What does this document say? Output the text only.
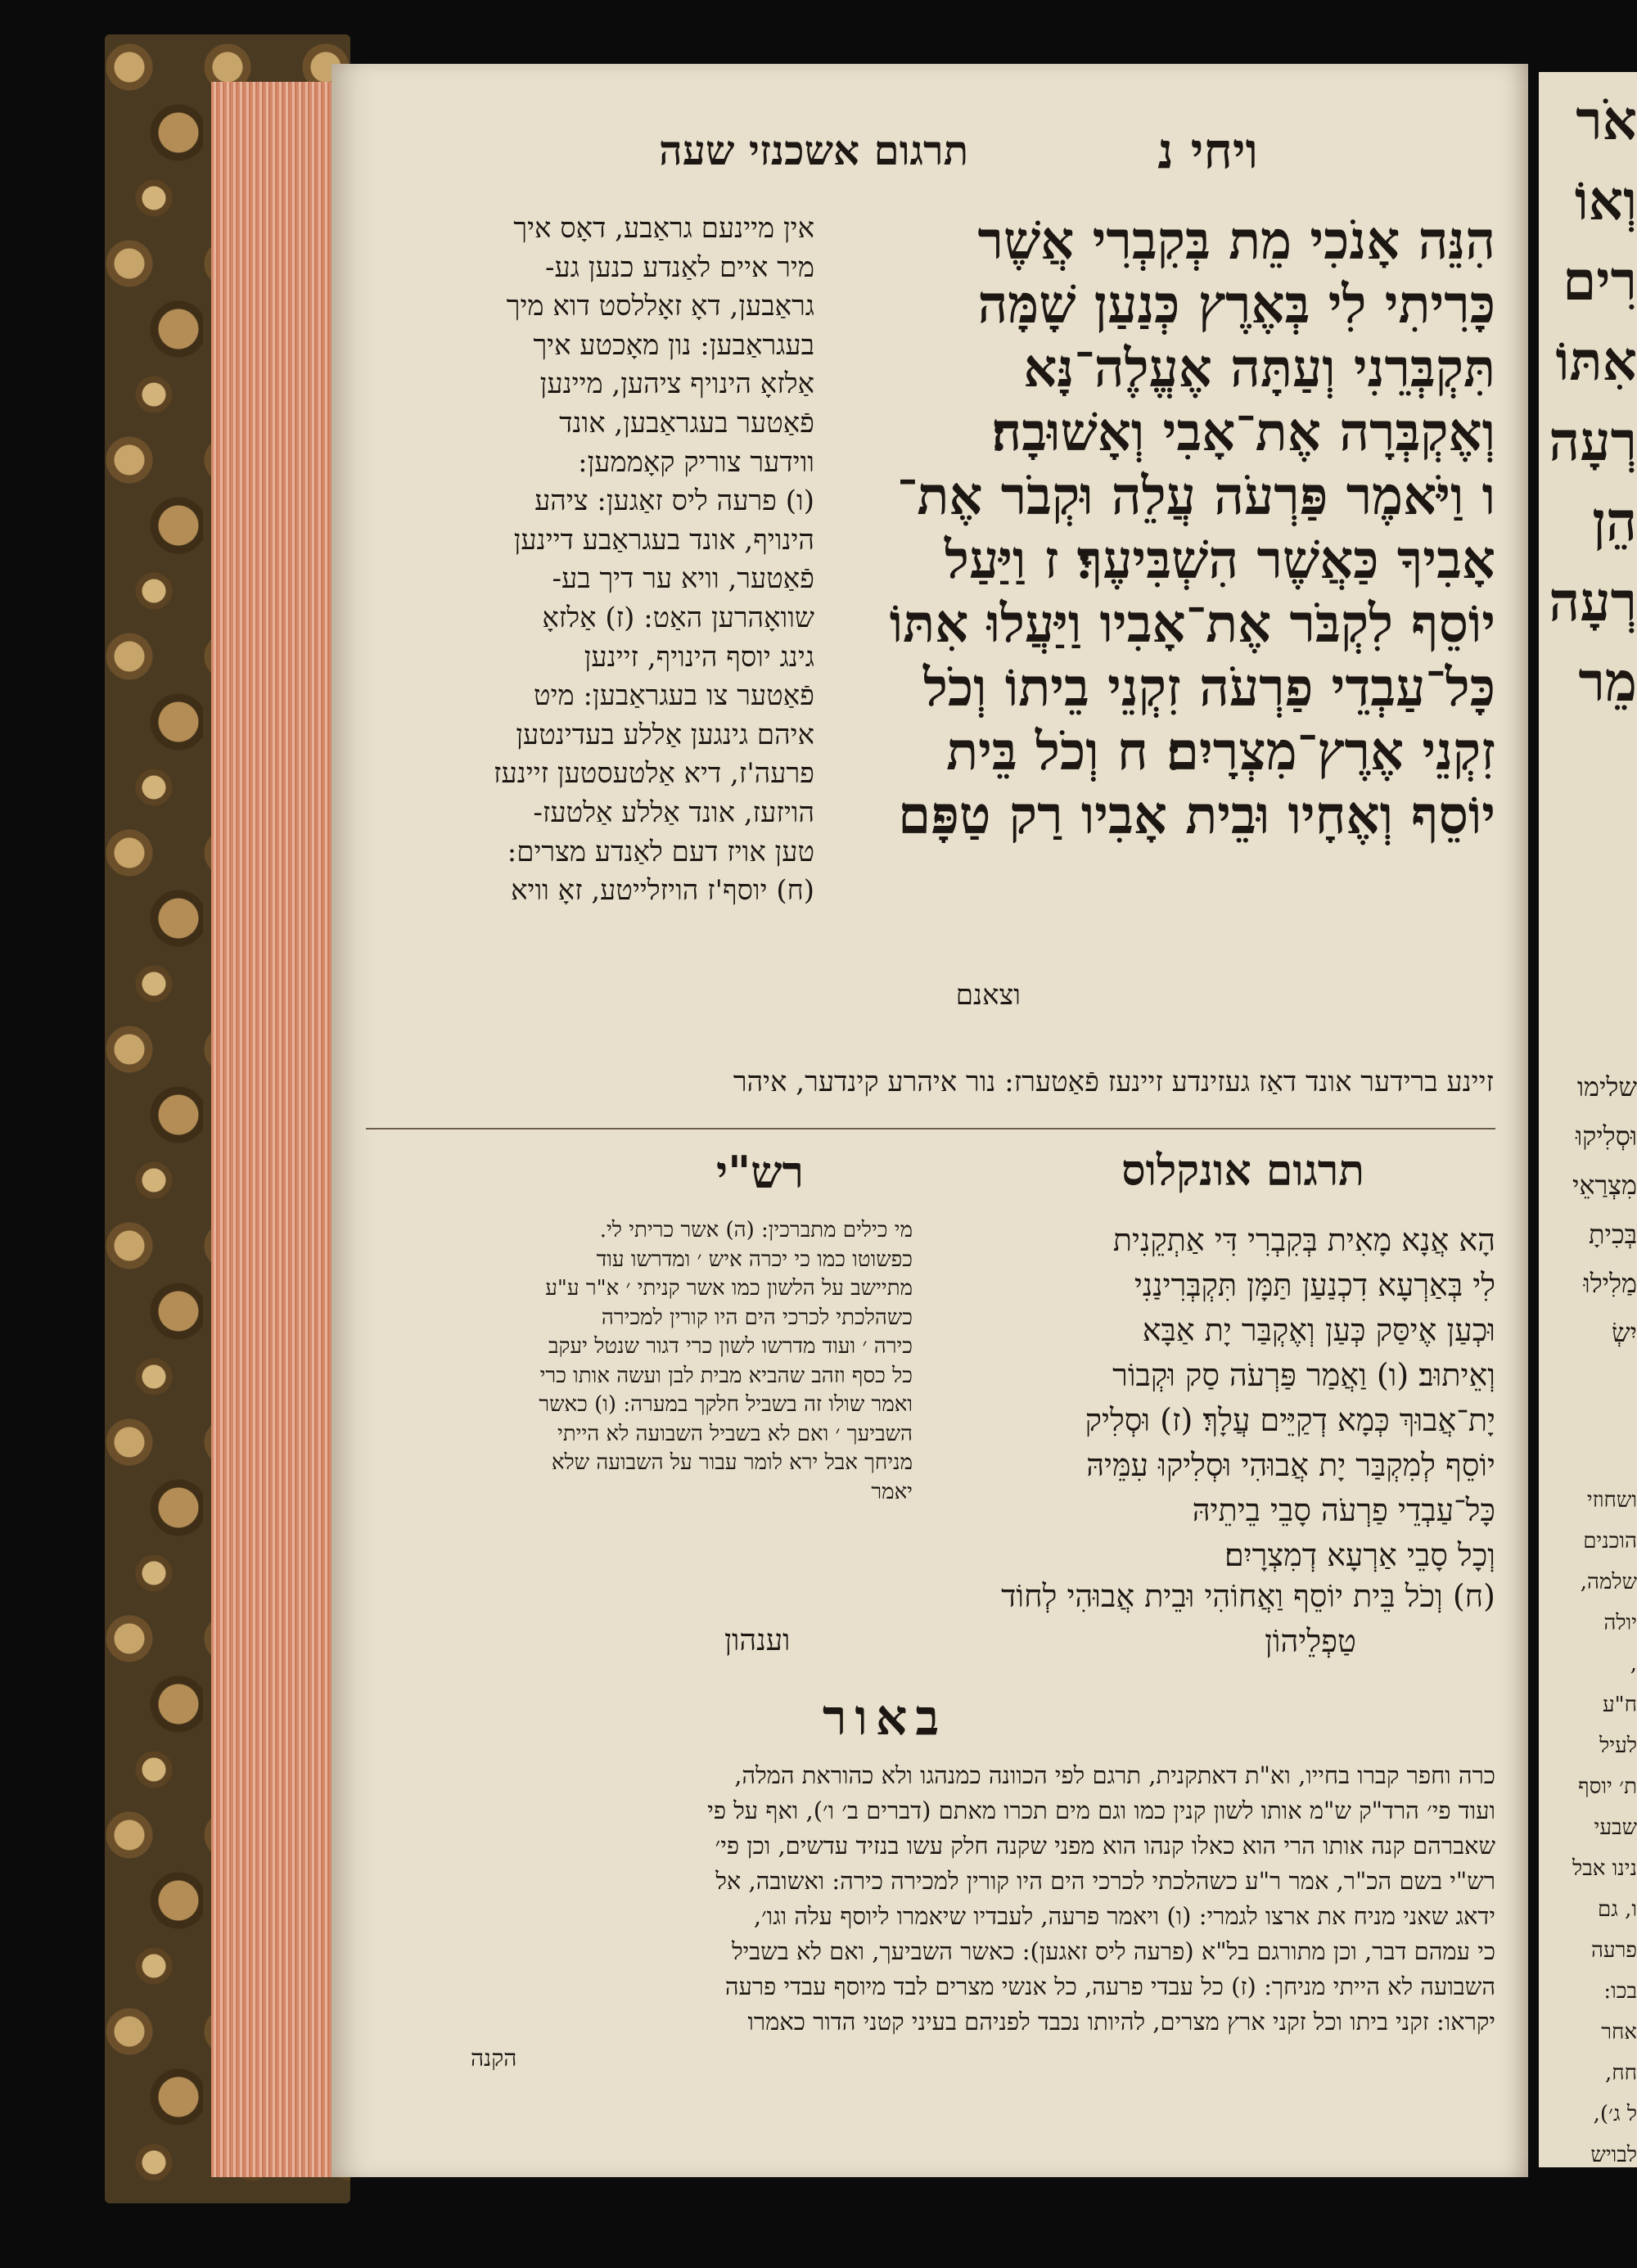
אֹר
וְאוֹ
רִים
אִתּוֹ
רְעָה
הֵן
רְעָה
מֵר
שלימו
וּסְלִיקוּ
מִצְרַאֵי
בְּכִיתָ
מַלִילוּ
יִשְׂ
ושחוזי
הוכנים
שלמה,
יולה
,
ח"ע
לעיל
ת׳ יוסף
שבעי
נינו אבל
ו, גם
פרעה
בכו:
אחר
חח,
ל ג׳),
לבויש
ויחי נ
תרגום אשכנזי שעה
הִנֵּה אָנֹכִי מֵת בְּקִבְרִי אֲשֶׁר
כָּרִיתִי לִי בְּאֶרֶץ כְּנַעַן שָׁמָּה
תִּקְבְּרֵנִי וְעַתָּה אֶעֱלֶה־נָּא
וְאֶקְבְּרָה אֶת־אָבִי וְאָשׁוּבָה׃
ו וַיֹּאמֶר פַּרְעֹה עֲלֵה וּקְבֹר אֶת־
אָבִיךָ כַּאֲשֶׁר הִשְׁבִּיעֶךָ׃ ז וַיַּעַל
יוֹסֵף לִקְבֹּר אֶת־אָבִיו וַיַּעֲלוּ אִתּוֹ
כָּל־עַבְדֵי פַרְעֹה זִקְנֵי בֵיתוֹ וְכֹל
זִקְנֵי אֶרֶץ־מִצְרָיִם׃ ח וְכֹל בֵּית
יוֹסֵף וְאֶחָיו וּבֵית אָבִיו רַק טַפָּם
וצאנם
אין מיינעם גראַבע, דאָס איך
מיר איים לאַנדע כנען גע-
גראַבען, דאָ זאָללסט דוא מיך
בעגראַבען: נון מאָכטע איך
אַלזאָ הינויף ציהען, מיינען
פֿאַטער בעגראַבען, אונד
ווידער צוריק קאָממען:
(ו) פרעה ליס זאַגען: ציהע
הינויף, אונד בעגראַבע דיינען
פֿאַטער, וויא ער דיך בע-
שוואָהרען האַט: (ז) אַלזאָ
גינג יוסף הינויף, זיינען
פֿאַטער צו בעגראַבען: מיט
איהם גינגען אַללע בעדינטען
פרעה'ז, דיא אַלטעסטען זיינעז
הויזעז, אונד אַללע אַלטעז-
טען אויז דעם לאַנדע מצרים:
(ח) יוסף'ז הויזלייטע, זאָ וויא
זיינע ברידער אונד דאַז געזינדע זיינעז פֿאַטערז: נור איהרע קינדער, איהר
תרגום אונקלוס
רש"י
הָא אֲנָא מָאִית בְּקִבְרִי דִּי אַתְקֵנִית
לִי בְּאַרְעָא דִכְנַעַן תַּמָּן תִּקְבְּרִינַנִי
וּכְעַן אֶיסַּק כְּעַן וְאֶקְבַּר יָת אַבָּא
וְאֵיתוּב׃ (ו) וַאֲמַר פַּרְעֹה סַק וּקְבוֹר
יָת־אֲבוּךְ כְּמָא דְקַיֵּים עֲלָךְ׃ (ז) וּסְלִיק
יוֹסֵף לְמִקְבַּר יָת אֲבוּהִי וּסְלִיקוּ עִמֵּיהּ
כָּל־עַבְדֵי פַרְעֹה סָבֵי בֵיתֵיהּ
וְכָל סָבֵי אַרְעָא דְמִצְרָיִם׃
(ח) וְכֹל בֵּית יוֹסֵף וַאֲחוֹהִי וּבֵית אֲבוּהִי לְחוֹד
טַפְלֵיהוֹן
מי כילים מתברכין: (ה) אשר כריתי לי.
כפשוטו כמו כי יכרה איש ׳ ומדרשו עוד
מתיישב על הלשון כמו אשר קניתי ׳ א"ר ע"ע
כשהלכתי לכרכי הים היו קורין למכירה
כירה ׳ ועוד מדרשו לשון כרי דגור שנטל יעקב
כל כסף וזהב שהביא מבית לבן ועשה אותו כרי
ואמר שולו זה בשביל חלקך במערה: (ו) כאשר
השביעך ׳ ואם לא בשביל השבועה לא הייתי
מניחך אבל ירא לומר עבור על השבועה שלא
יאמר
וענהון
באור
כרה וחפר קברו בחייו, וא"ת דאתקנית, תרגם לפי הכוונה כמנהגו ולא כהוראת המלה,
ועוד פי׳ הרד"ק ש"מ אותו לשון קנין כמו וגם מים תכרו מאתם (דברים ב׳ ו׳), ואף על פי
שאברהם קנה אותו הרי הוא כאלו קנהו הוא מפני שקנה חלק עשו בנזיד עדשים, וכן פי׳
רש"י בשם הכ"ר, אמר ר"ע כשהלכתי לכרכי הים היו קורין למכירה כירה: ואשובה, אל
ידאג שאני מניח את ארצו לגמרי: (ו) ויאמר פרעה, לעבדיו שיאמרו ליוסף עלה וגו׳,
כי עמהם דבר, וכן מתורגם בל"א (פרעה ליס זאגען): כאשר השביעך, ואם לא בשביל
השבועה לא הייתי מניחך: (ז) כל עבדי פרעה, כל אנשי מצרים לבד מיוסף עבדי פרעה
יקראו: זקני ביתו וכל זקני ארץ מצרים, להיותו נכבד לפניהם בעיני קטני הדור כאמרו
הקנה
